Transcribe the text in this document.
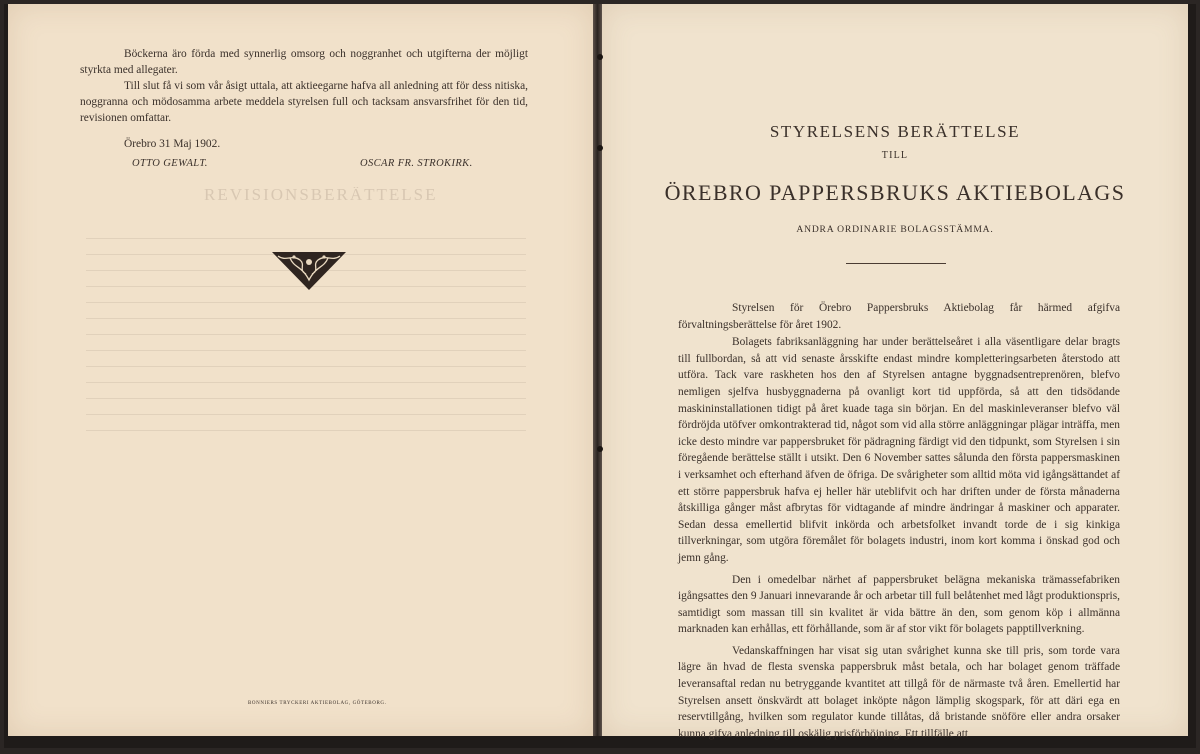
REVISIONSBERÄTTELSE

Böckerna äro förda med synnerlig omsorg och noggranhet och utgifterna der möjligt styrkta med allegater.

Till slut få vi som vår åsigt uttala, att aktieegarne hafva all anledning att för dess nitiska, noggranna och mödosamma arbete meddela styrelsen full och tacksam ansvarsfrihet för den tid, revisionen omfattar.

Örebro 31 Maj 1902.

OTTO GEWALT.	OSCAR FR. STROKIRK.
BONNIERS TRYCKERI AKTIEBOLAG, GÖTEBORG.
STYRELSENS BERÄTTELSE
TILL
ÖREBRO PAPPERSBRUKS AKTIEBOLAGS
ANDRA ORDINARIE BOLAGSSTÄMMA.

Styrelsen för Örebro Pappersbruks Aktiebolag får härmed afgifva förvaltningsberättelse för året 1902.

Bolagets fabriksanläggning har under berättelseåret i alla väsentligare delar bragts till fullbordan, så att vid senaste årsskifte endast mindre kompletteringsarbeten återstodo att utföra. Tack vare raskheten hos den af Styrelsen antagne byggnadsentreprenören, blefvo nemligen sjelfva husbyggnaderna på ovanligt kort tid uppförda, så att den tidsödande maskininstallationen tidigt på året kuade taga sin början. En del maskinleveranser blefvo väl fördröjda utöfver omkontrakterad tid, något som vid alla större anläggningar plägar inträffa, men icke desto mindre var pappersbruket för pädragning färdigt vid den tidpunkt, som Styrelsen i sin föregående berättelse ställt i utsikt. Den 6 November sattes sålunda den första pappersmaskinen i verksamhet och efterhand äfven de öfriga. De svårigheter som alltid möta vid igångsättandet af ett större pappersbruk hafva ej heller här uteblifvit och har driften under de första månaderna åtskilliga gånger måst afbrytas för vidtagande af mindre ändringar å maskiner och apparater. Sedan dessa emellertid blifvit inkörda och arbetsfolket invandt torde de i sig kinkiga tillverkningar, som utgöra föremålet för bolagets industri, inom kort komma i önskad god och jemn gång.

Den i omedelbar närhet af pappersbruket belägna mekaniska trämassefabriken igångsattes den 9 Januari innevarande år och arbetar till full belåtenhet med lågt produktionspris, samtidigt som massan till sin kvalitet är vida bättre än den, som genom köp i allmänna marknaden kan erhållas, ett förhållande, som är af stor vikt för bolagets papptillverkning.

Vedanskaffningen har visat sig utan svårighet kunna ske till pris, som torde vara lägre än hvad de flesta svenska pappersbruk måst betala, och har bolaget genom träffade leveransaftal redan nu betryggande kvantitet att tillgå för de närmaste två åren. Emellertid har Styrelsen ansett önskvärdt att bolaget inköpte någon lämplig skogspark, för att däri ega en reservtillgång, hvilken som regulator kunde tillåtas, då bristande snöföre eller andra orsaker kunna gifva anledning till oskälig prisförhöjning. Ett tillfälle att
